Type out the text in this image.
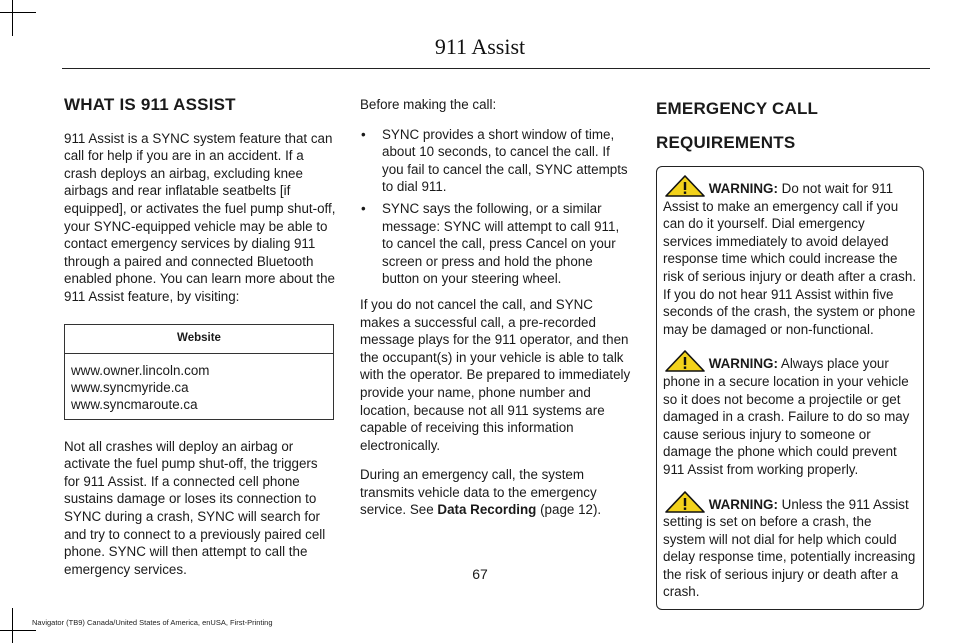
911 Assist
WHAT IS 911 ASSIST

911 Assist is a SYNC system feature that can call for help if you are in an accident. If a crash deploys an airbag, excluding knee airbags and rear inflatable seatbelts [if equipped], or activates the fuel pump shut-off, your SYNC-equipped vehicle may be able to contact emergency services by dialing 911 through a paired and connected Bluetooth enabled phone. You can learn more about the 911 Assist feature, by visiting:

Website

www.owner.lincoln.com
www.syncmyride.ca
www.syncmaroute.ca

Not all crashes will deploy an airbag or activate the fuel pump shut-off, the triggers for 911 Assist. If a connected cell phone sustains damage or loses its connection to SYNC during a crash, SYNC will search for and try to connect to a previously paired cell phone. SYNC will then attempt to call the emergency services.

Before making the call:

• SYNC provides a short window of time, about 10 seconds, to cancel the call. If you fail to cancel the call, SYNC attempts to dial 911.
• SYNC says the following, or a similar message: SYNC will attempt to call 911, to cancel the call, press Cancel on your screen or press and hold the phone button on your steering wheel.

If you do not cancel the call, and SYNC makes a successful call, a pre-recorded message plays for the 911 operator, and then the occupant(s) in your vehicle is able to talk with the operator. Be prepared to immediately provide your name, phone number and location, because not all 911 systems are capable of receiving this information electronically.

During an emergency call, the system transmits vehicle data to the emergency service. See Data Recording (page 12).

EMERGENCY CALL
REQUIREMENTS

WARNING: Do not wait for 911 Assist to make an emergency call if you can do it yourself. Dial emergency services immediately to avoid delayed response time which could increase the risk of serious injury or death after a crash. If you do not hear 911 Assist within five seconds of the crash, the system or phone may be damaged or non-functional.

WARNING: Always place your phone in a secure location in your vehicle so it does not become a projectile or get damaged in a crash. Failure to do so may cause serious injury to someone or damage the phone which could prevent 911 Assist from working properly.

WARNING: Unless the 911 Assist setting is set on before a crash, the system will not dial for help which could delay response time, potentially increasing the risk of serious injury or death after a crash.

67
Navigator (TB9) Canada/United States of America, enUSA, First-Printing
